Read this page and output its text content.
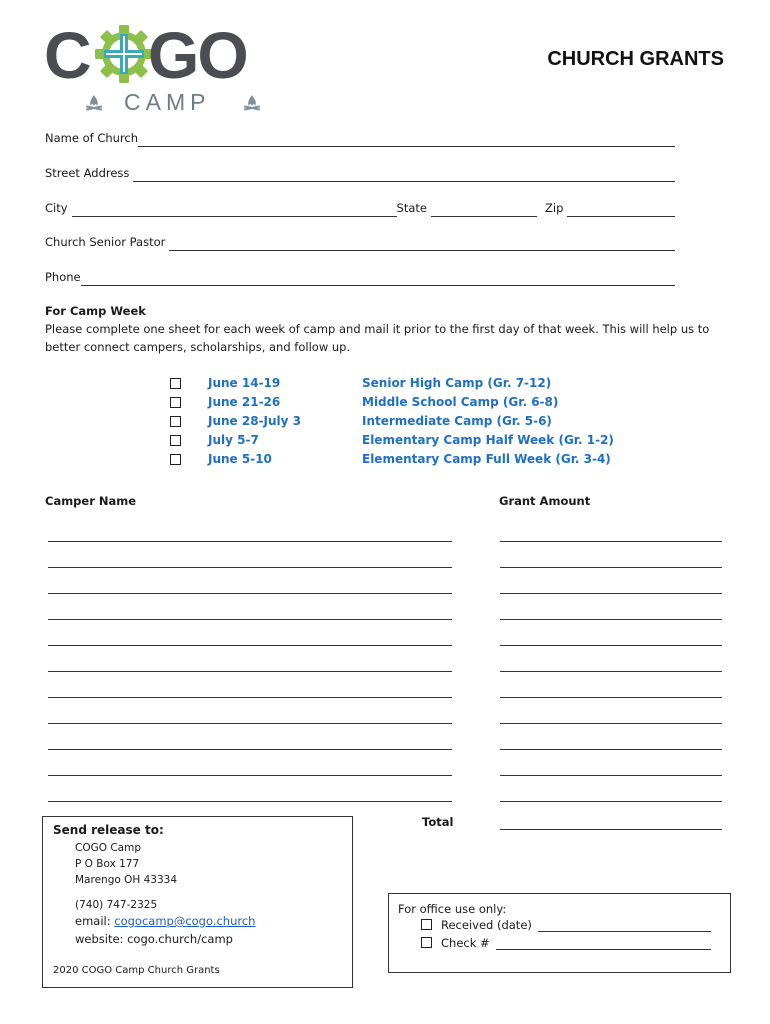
C GO
CAMP
CHURCH GRANTS
Name of Church
Street Address
City	State	Zip
Church Senior Pastor
Phone
For Camp Week
Please complete one sheet for each week of camp and mail it prior to the first day of that week. This will help us to better connect campers, scholarships, and follow up.
June 14-19	Senior High Camp (Gr. 7-12)
June 21-26	Middle School Camp (Gr. 6-8)
June 28-July 3	Intermediate Camp (Gr. 5-6)
July 5-7	Elementary Camp Half Week (Gr. 1-2)
June 5-10	Elementary Camp Full Week (Gr. 3-4)
Camper Name	Grant Amount
Total
Send release to:
COGO Camp
P O Box 177
Marengo OH 43334
(740) 747-2325
email: cogocamp@cogo.church
website: cogo.church/camp
2020 COGO Camp Church Grants
For office use only:
Received (date)
Check #
